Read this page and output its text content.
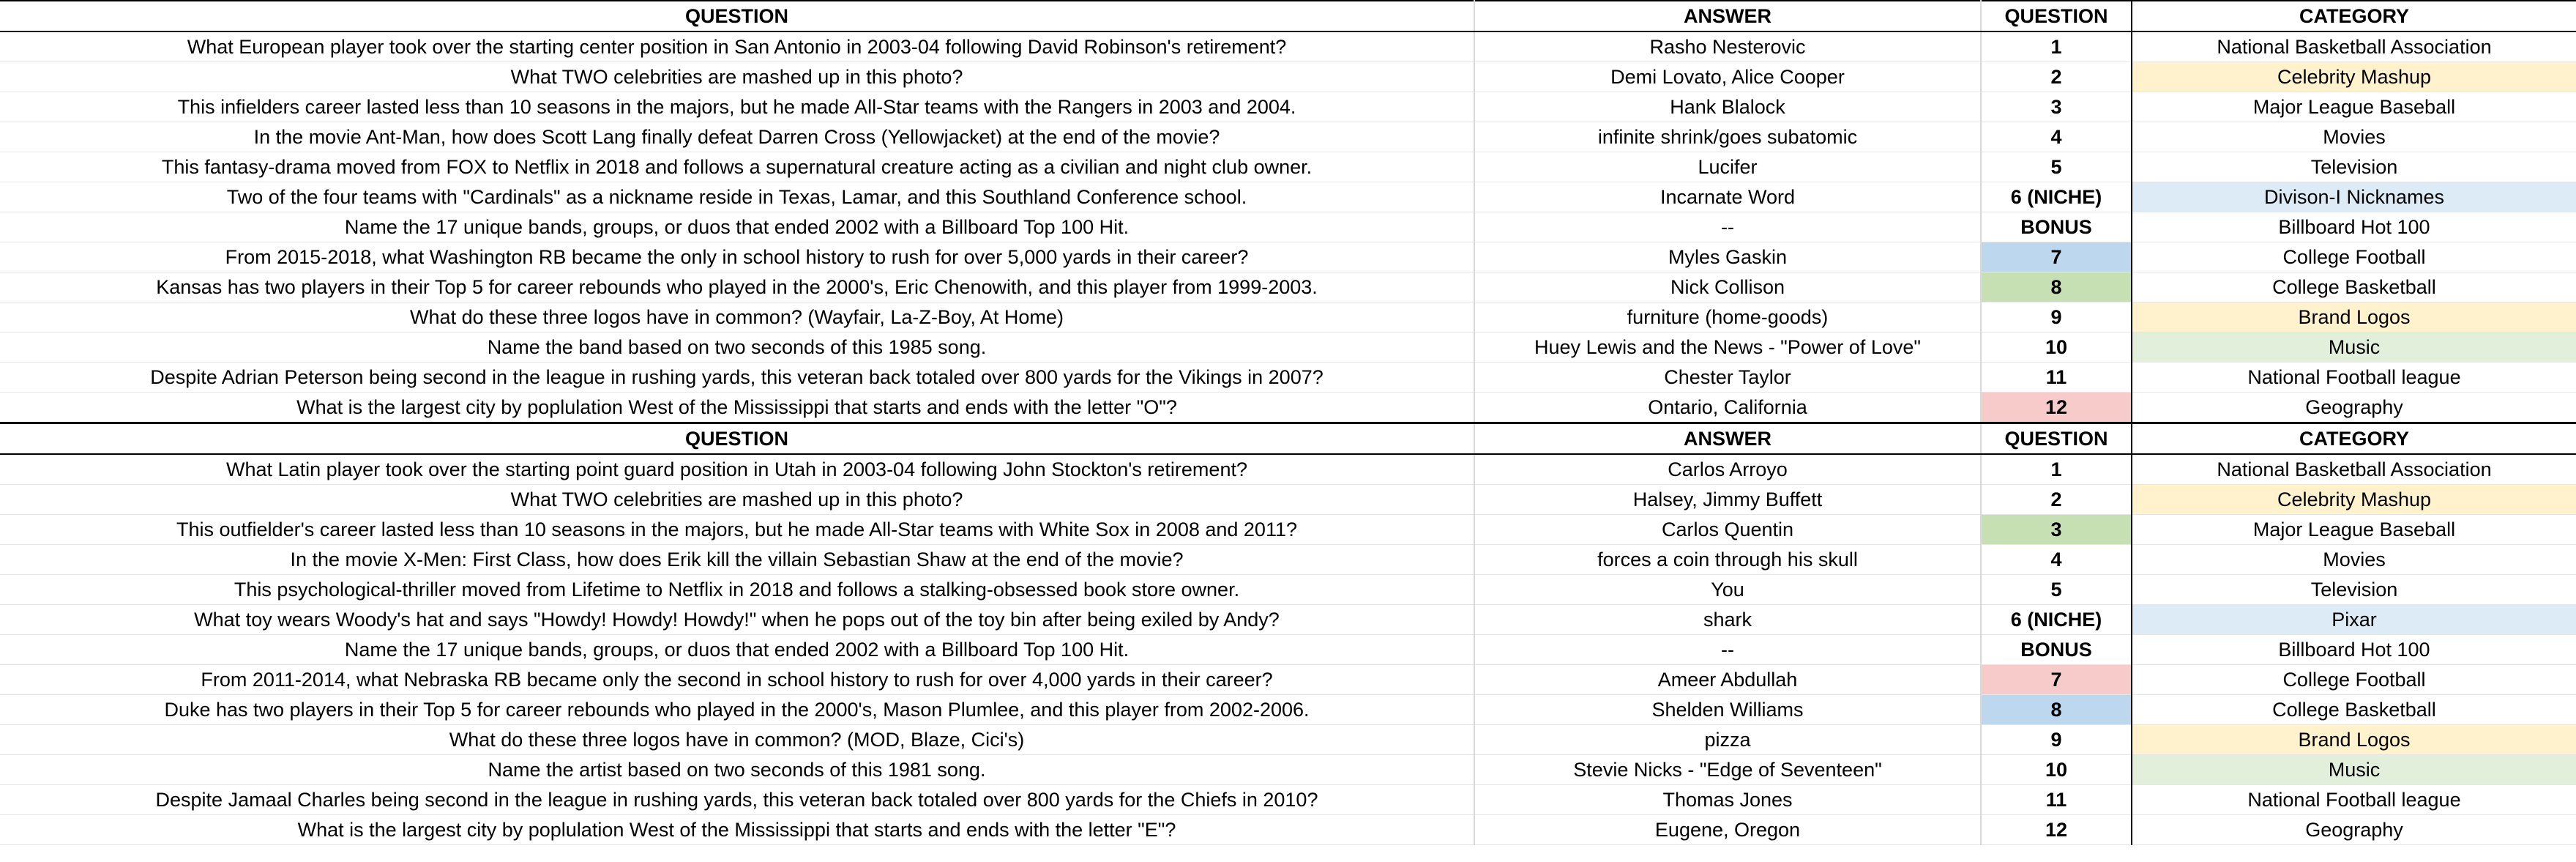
QUESTION	ANSWER	QUESTION	CATEGORY
What European player took over the starting center position in San Antonio in 2003-04 following David Robinson's retirement?	Rasho Nesterovic	1	National Basketball Association
What TWO celebrities are mashed up in this photo?	Demi Lovato, Alice Cooper	2	Celebrity Mashup
This infielders career lasted less than 10 seasons in the majors, but he made All-Star teams with the Rangers in 2003 and 2004.	Hank Blalock	3	Major League Baseball
In the movie Ant-Man, how does Scott Lang finally defeat Darren Cross (Yellowjacket) at the end of the movie?	infinite shrink/goes subatomic	4	Movies
This fantasy-drama moved from FOX to Netflix in 2018 and follows a supernatural creature acting as a civilian and night club owner.	Lucifer	5	Television
Two of the four teams with "Cardinals" as a nickname reside in Texas, Lamar, and this Southland Conference school.	Incarnate Word	6 (NICHE)	Divison-I Nicknames
Name the 17 unique bands, groups, or duos that ended 2002 with a Billboard Top 100 Hit.	--	BONUS	Billboard Hot 100
From 2015-2018, what Washington RB became the only in school history to rush for over 5,000 yards in their career?	Myles Gaskin	7	College Football
Kansas has two players in their Top 5 for career rebounds who played in the 2000's, Eric Chenowith, and this player from 1999-2003.	Nick Collison	8	College Basketball
What do these three logos have in common? (Wayfair, La-Z-Boy, At Home)	furniture (home-goods)	9	Brand Logos
Name the band based on two seconds of this 1985 song.	Huey Lewis and the News - "Power of Love"	10	Music
Despite Adrian Peterson being second in the league in rushing yards, this veteran back totaled over 800 yards for the Vikings in 2007?	Chester Taylor	11	National Football league
What is the largest city by poplulation West of the Mississippi that starts and ends with the letter "O"?	Ontario, California	12	Geography
QUESTION	ANSWER	QUESTION	CATEGORY
What Latin player took over the starting point guard position in Utah in 2003-04 following John Stockton's retirement?	Carlos Arroyo	1	National Basketball Association
What TWO celebrities are mashed up in this photo?	Halsey, Jimmy Buffett	2	Celebrity Mashup
This outfielder's career lasted less than 10 seasons in the majors, but he made All-Star teams with White Sox in 2008 and 2011?	Carlos Quentin	3	Major League Baseball
In the movie X-Men: First Class, how does Erik kill the villain Sebastian Shaw at the end of the movie?	forces a coin through his skull	4	Movies
This psychological-thriller moved from Lifetime to Netflix in 2018 and follows a stalking-obsessed book store owner.	You	5	Television
What toy wears Woody's hat and says "Howdy! Howdy! Howdy!" when he pops out of the toy bin after being exiled by Andy?	shark	6 (NICHE)	Pixar
Name the 17 unique bands, groups, or duos that ended 2002 with a Billboard Top 100 Hit.	--	BONUS	Billboard Hot 100
From 2011-2014, what Nebraska RB became only the second in school history to rush for over 4,000 yards in their career?	Ameer Abdullah	7	College Football
Duke has two players in their Top 5 for career rebounds who played in the 2000's, Mason Plumlee, and this player from 2002-2006.	Shelden Williams	8	College Basketball
What do these three logos have in common? (MOD, Blaze, Cici's)	pizza	9	Brand Logos
Name the artist based on two seconds of this 1981 song.	Stevie Nicks - "Edge of Seventeen"	10	Music
Despite Jamaal Charles being second in the league in rushing yards, this veteran back totaled over 800 yards for the Chiefs in 2010?	Thomas Jones	11	National Football league
What is the largest city by poplulation West of the Mississippi that starts and ends with the letter "E"?	Eugene, Oregon	12	Geography
